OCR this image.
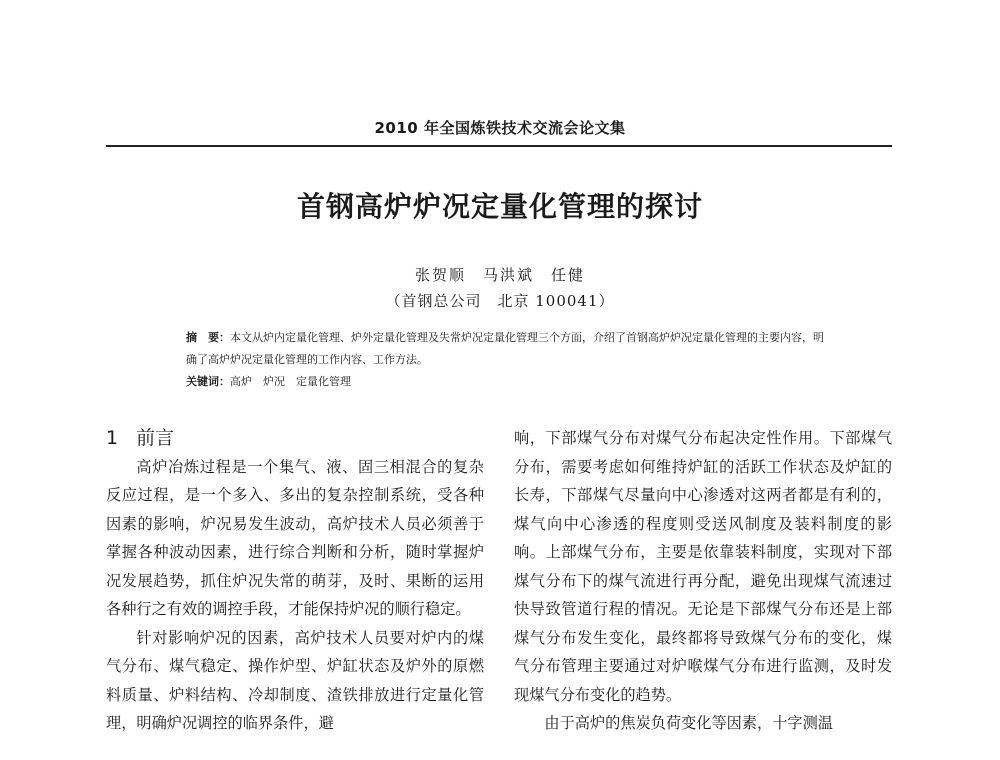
2010 年全国炼铁技术交流会论文集
首钢高炉炉况定量化管理的探讨
张贺顺　马洪斌　任健
（首钢总公司　北京 100041）

摘　要：本文从炉内定量化管理、炉外定量化管理及失常炉况定量化管理三个方面，介绍了首钢高炉炉况定量化管理的主要内容，明确了高炉炉况定量化管理的工作内容、工作方法。

关键词：高炉　炉况　定量化管理

1 前言

高炉冶炼过程是一个集气、液、固三相混合的复杂反应过程，是一个多入、多出的复杂控制系统，受各种因素的影响，炉况易发生波动，高炉技术人员必须善于掌握各种波动因素，进行综合判断和分析，随时掌握炉况发展趋势，抓住炉况失常的萌芽，及时、果断的运用各种行之有效的调控手段，才能保持炉况的顺行稳定。

针对影响炉况的因素，高炉技术人员要对炉内的煤气分布、煤气稳定、操作炉型、炉缸状态及炉外的原燃料质量、炉料结构、冷却制度、渣铁排放进行定量化管理，明确炉况调控的临界条件，避

响，下部煤气分布对煤气分布起决定性作用。下部煤气分布，需要考虑如何维持炉缸的活跃工作状态及炉缸的长寿，下部煤气尽量向中心渗透对这两者都是有利的，煤气向中心渗透的程度则受送风制度及装料制度的影响。上部煤气分布，主要是依靠装料制度，实现对下部煤气分布下的煤气流进行再分配，避免出现煤气流速过快导致管道行程的情况。无论是下部煤气分布还是上部煤气分布发生变化，最终都将导致煤气分布的变化，煤气分布管理主要通过对炉喉煤气分布进行监测，及时发现煤气分布变化的趋势。

由于高炉的焦炭负荷变化等因素，十字测温
